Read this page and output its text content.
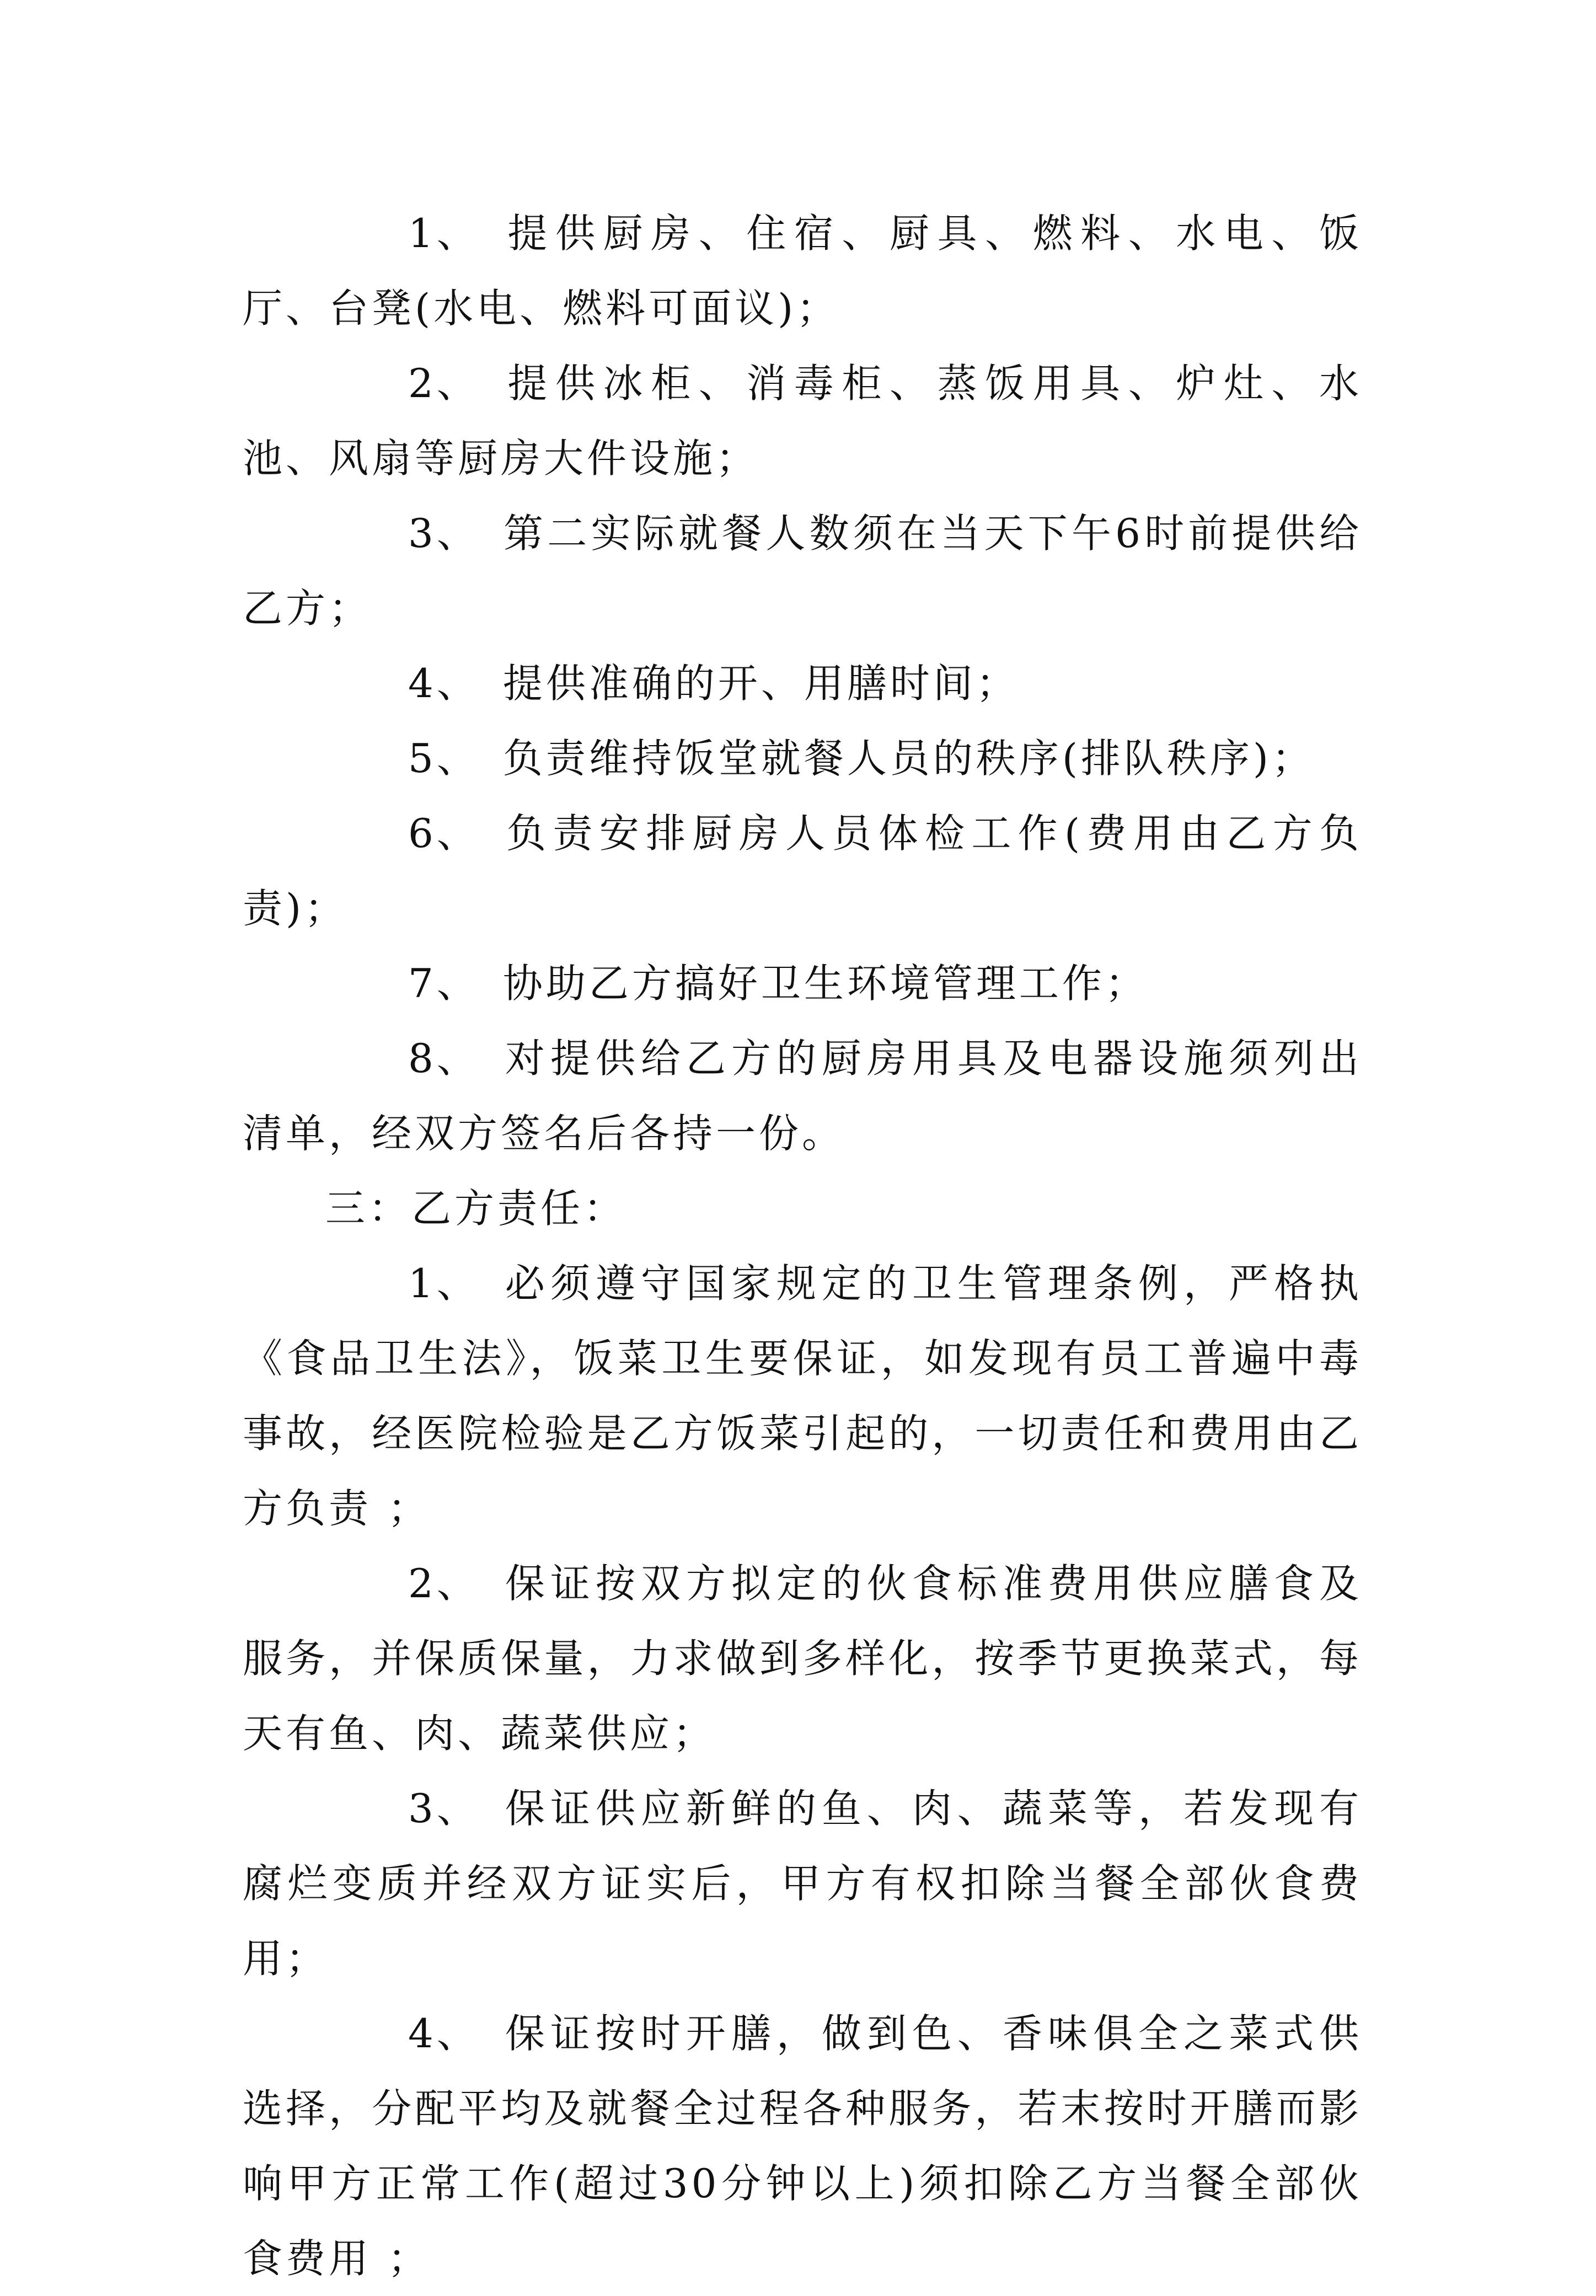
1、 提供厨房、住宿、厨具、燃料、水电、饭厅、台凳(水电、燃料可面议)；

2、 提供冰柜、消毒柜、蒸饭用具、炉灶、水池、风扇等厨房大件设施；

3、 第二实际就餐人数须在当天下午6时前提供给乙方；

4、 提供准确的开、用膳时间；

5、 负责维持饭堂就餐人员的秩序(排队秩序)；

6、 负责安排厨房人员体检工作(费用由乙方负责)；

7、 协助乙方搞好卫生环境管理工作；

8、 对提供给乙方的厨房用具及电器设施须列出清单，经双方签名后各持一份。

三：乙方责任：

1、 必须遵守国家规定的卫生管理条例，严格执《食品卫生法》，饭菜卫生要保证，如发现有员工普遍中毒事故，经医院检验是乙方饭菜引起的，一切责任和费用由乙方负责 ；

2、 保证按双方拟定的伙食标准费用供应膳食及服务，并保质保量，力求做到多样化，按季节更换菜式，每天有鱼、肉、蔬菜供应；

3、 保证供应新鲜的鱼、肉、蔬菜等，若发现有腐烂变质并经双方证实后，甲方有权扣除当餐全部伙食费用；

4、 保证按时开膳，做到色、香味俱全之菜式供选择，分配平均及就餐全过程各种服务，若末按时开膳而影响甲方正常工作(超过30分钟以上)须扣除乙方当餐全部伙食费用 ；
